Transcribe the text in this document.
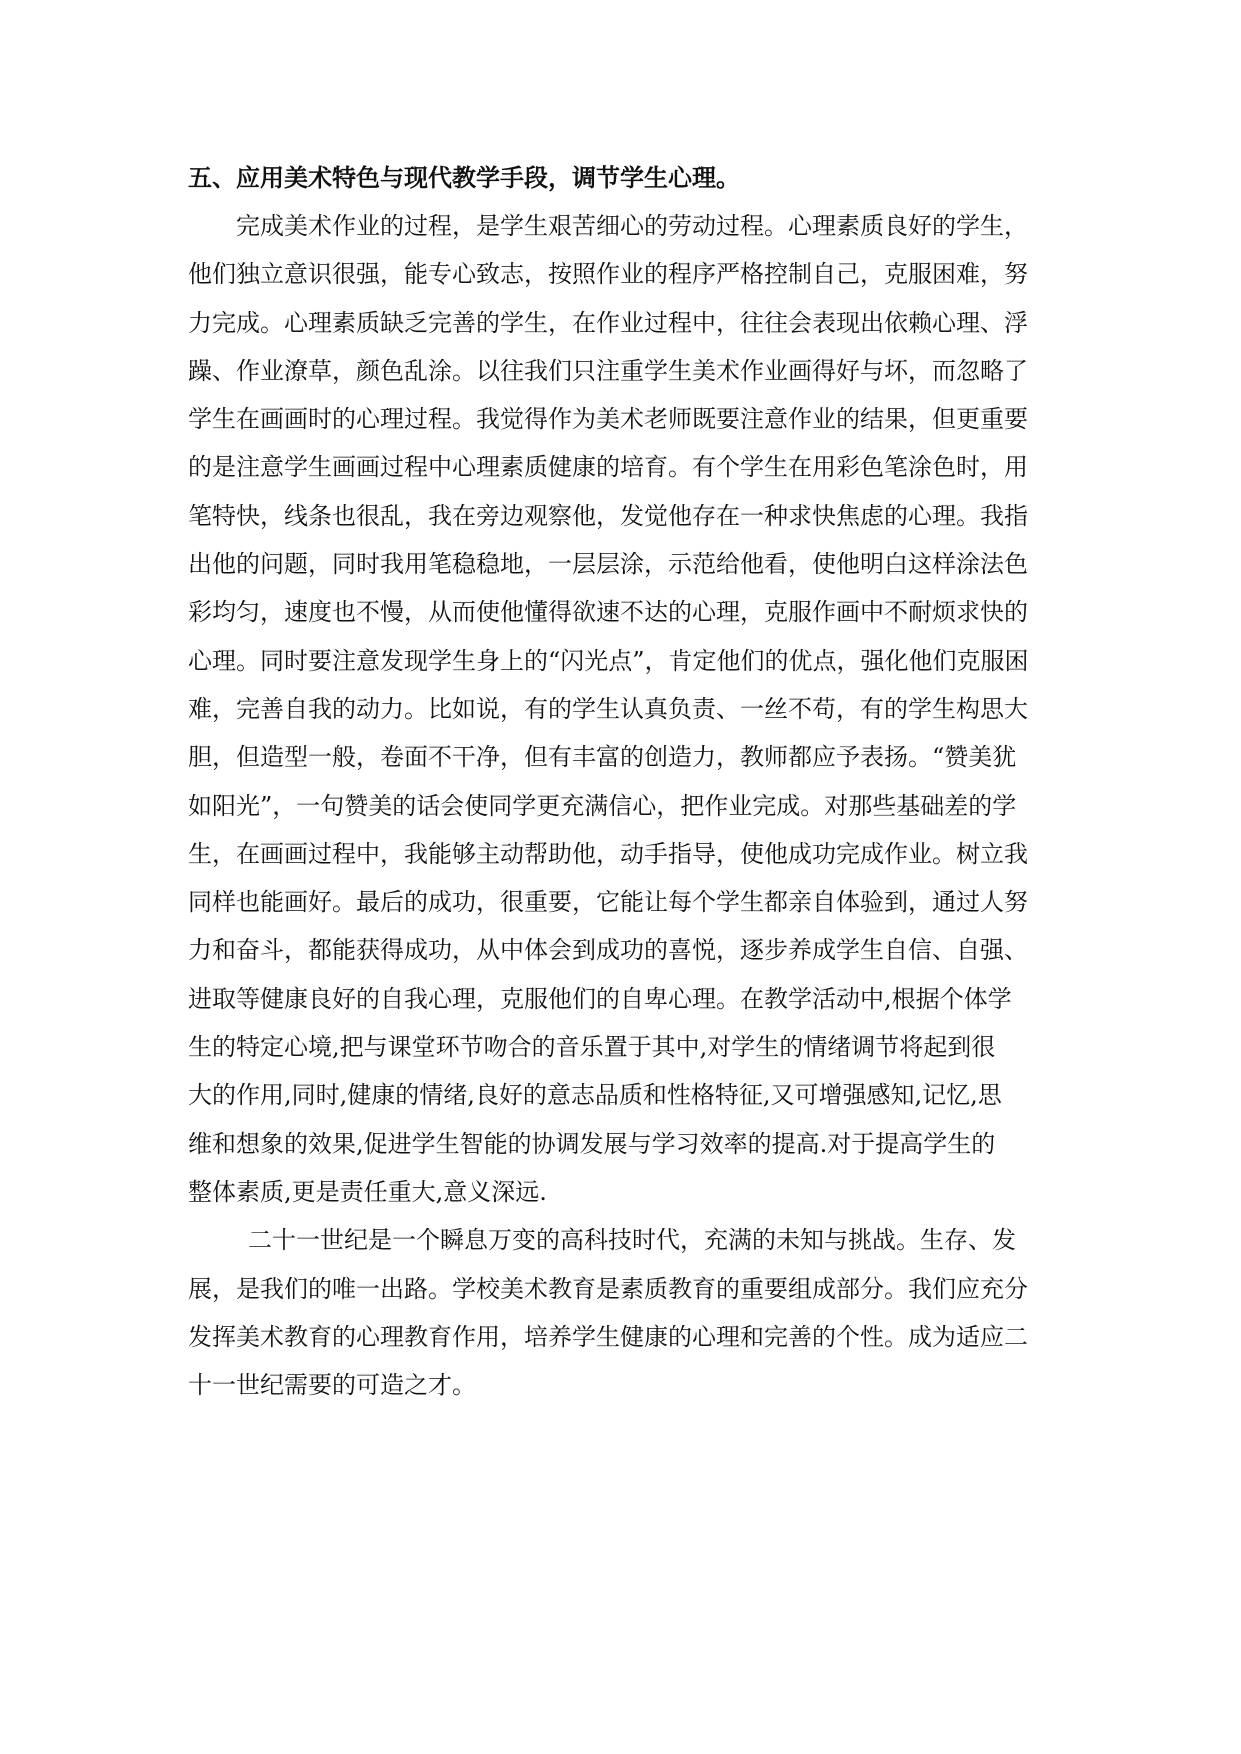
五、应用美术特色与现代教学手段，调节学生心理。
完成美术作业的过程，是学生艰苦细心的劳动过程。心理素质良好的学生，
他们独立意识很强，能专心致志，按照作业的程序严格控制自己，克服困难，努
力完成。心理素质缺乏完善的学生，在作业过程中，往往会表现出依赖心理、浮
躁、作业潦草，颜色乱涂。以往我们只注重学生美术作业画得好与坏，而忽略了
学生在画画时的心理过程。我觉得作为美术老师既要注意作业的结果，但更重要
的是注意学生画画过程中心理素质健康的培育。有个学生在用彩色笔涂色时，用
笔特快，线条也很乱，我在旁边观察他，发觉他存在一种求快焦虑的心理。我指
出他的问题，同时我用笔稳稳地，一层层涂，示范给他看，使他明白这样涂法色
彩均匀，速度也不慢，从而使他懂得欲速不达的心理，克服作画中不耐烦求快的
心理。同时要注意发现学生身上的“闪光点”，肯定他们的优点，强化他们克服困
难，完善自我的动力。比如说，有的学生认真负责、一丝不苟，有的学生构思大
胆，但造型一般，卷面不干净，但有丰富的创造力，教师都应予表扬。“赞美犹
如阳光”，一句赞美的话会使同学更充满信心，把作业完成。对那些基础差的学
生，在画画过程中，我能够主动帮助他，动手指导，使他成功完成作业。树立我
同样也能画好。最后的成功，很重要，它能让每个学生都亲自体验到，通过人努
力和奋斗，都能获得成功，从中体会到成功的喜悦，逐步养成学生自信、自强、
进取等健康良好的自我心理，克服他们的自卑心理。在教学活动中,根据个体学
生的特定心境,把与课堂环节吻合的音乐置于其中,对学生的情绪调节将起到很
大的作用,同时,健康的情绪,良好的意志品质和性格特征,又可增强感知,记忆,思
维和想象的效果,促进学生智能的协调发展与学习效率的提高.对于提高学生的
整体素质,更是责任重大,意义深远.
二十一世纪是一个瞬息万变的高科技时代，充满的未知与挑战。生存、发
展，是我们的唯一出路。学校美术教育是素质教育的重要组成部分。我们应充分
发挥美术教育的心理教育作用，培养学生健康的心理和完善的个性。成为适应二
十一世纪需要的可造之才。
